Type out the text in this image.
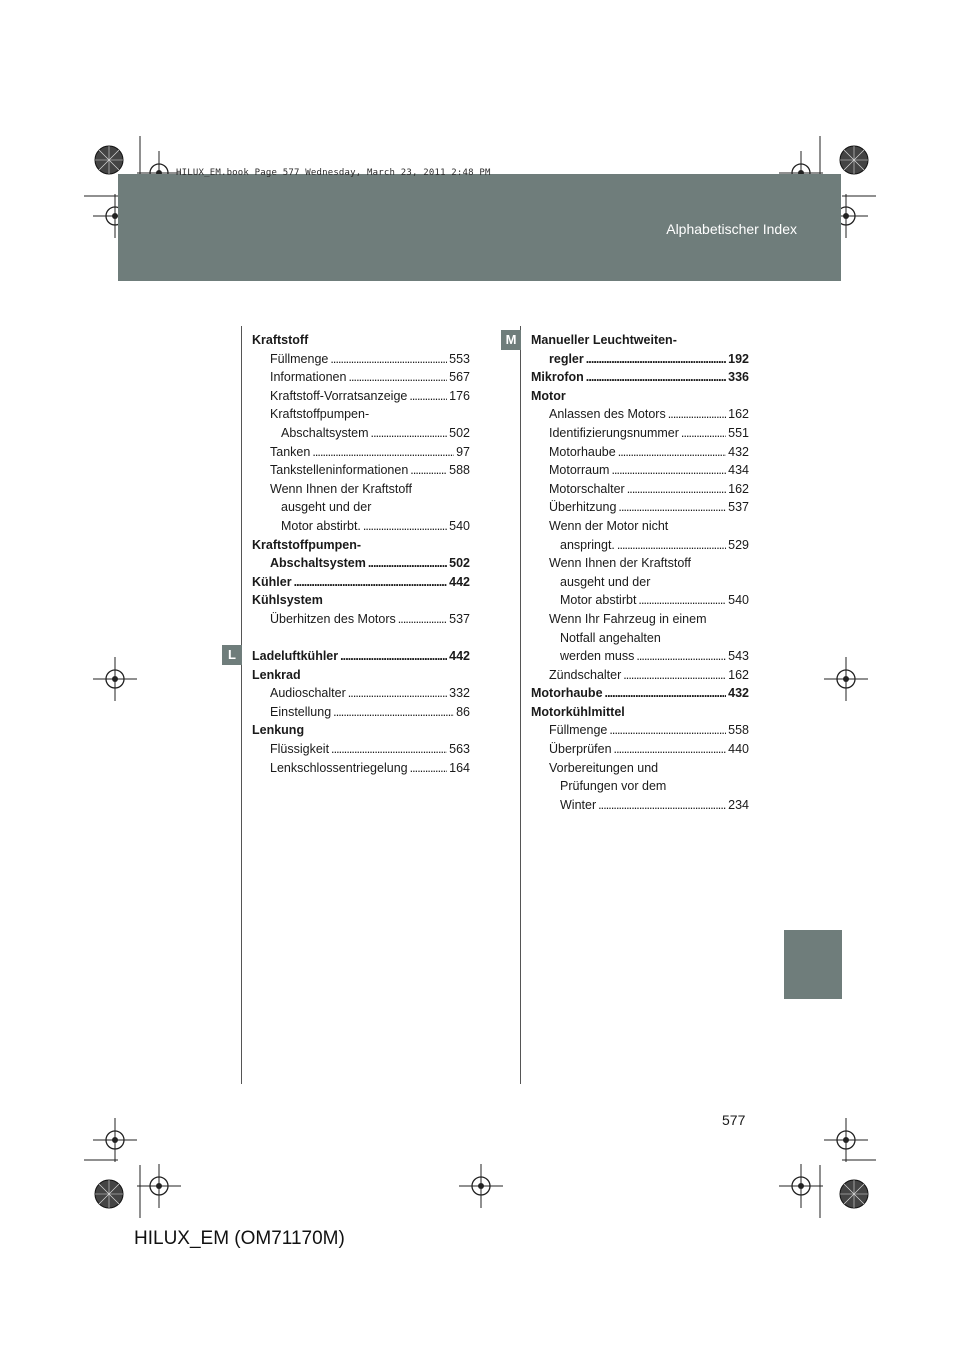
HILUX_EM.book Page 577 Wednesday, March 23, 2011 2:48 PM
Alphabetischer Index
L
M
Kraftstoff
Füllmenge . . .	553
Informationen . . .	567
Kraftstoff-Vorratsanzeige . . .	176
Kraftstoffpumpen-
Abschaltsystem . . .	502
Tanken . . .	97
Tankstelleninformationen . . .	588
Wenn Ihnen der Kraftstoff
ausgeht und der
Motor abstirbt. . . .	540
Kraftstoffpumpen-
Abschaltsystem . . .	502
Kühler . . .	442
Kühlsystem
Überhitzen des Motors . . .	537
Ladeluftkühler . . .	442
Lenkrad
Audioschalter . . .	332
Einstellung . . .	86
Lenkung
Flüssigkeit . . .	563
Lenkschlossentriegelung . . .	164
Manueller Leuchtweiten-
regler . . .	192
Mikrofon . . .	336
Motor
Anlassen des Motors . . .	162
Identifizierungsnummer . . .	551
Motorhaube . . .	432
Motorraum . . .	434
Motorschalter . . .	162
Überhitzung . . .	537
Wenn der Motor nicht
anspringt. . . .	529
Wenn Ihnen der Kraftstoff
ausgeht und der
Motor abstirbt . . .	540
Wenn Ihr Fahrzeug in einem
Notfall angehalten
werden muss . . .	543
Zündschalter . . .	162
Motorhaube . . .	432
Motorkühlmittel
Füllmenge . . .	558
Überprüfen . . .	440
Vorbereitungen und
Prüfungen vor dem
Winter . . .	234
577
HILUX_EM (OM71170M)
